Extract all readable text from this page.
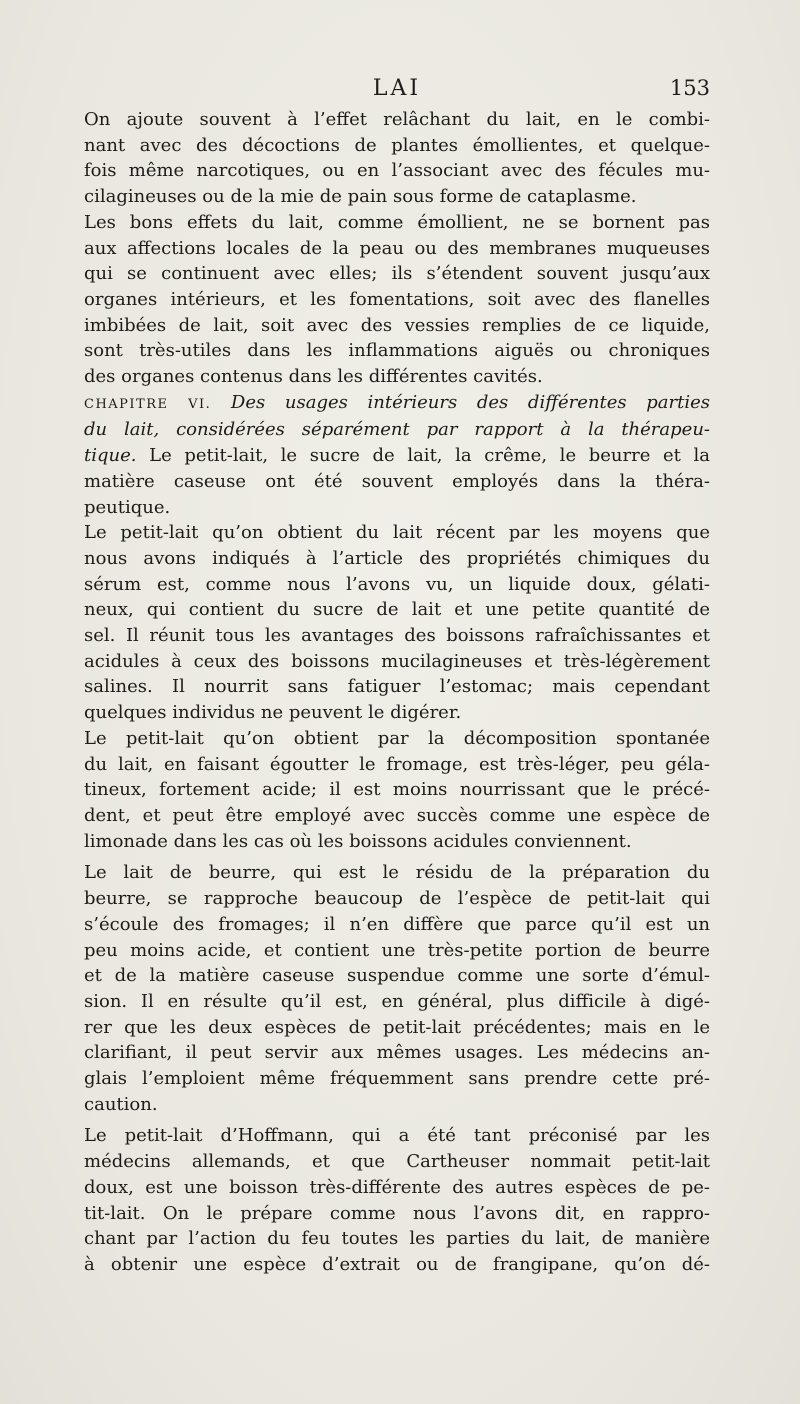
LAI	153
On ajoute souvent à l’effet relâchant du lait, en le combi-
nant avec des décoctions de plantes émollientes, et quelque-
fois même narcotiques, ou en l’associant avec des fécules mu-
cilagineuses ou de la mie de pain sous forme de cataplasme.
Les bons effets du lait, comme émollient, ne se bornent pas
aux affections locales de la peau ou des membranes muqueuses
qui se continuent avec elles; ils s’étendent souvent jusqu’aux
organes intérieurs, et les fomentations, soit avec des flanelles
imbibées de lait, soit avec des vessies remplies de ce liquide,
sont très-utiles dans les inflammations aiguës ou chroniques
des organes contenus dans les différentes cavités.
CHAPITRE VI. Des usages intérieurs des différentes parties
du lait, considérées séparément par rapport à la thérapeu-
tique. Le petit-lait, le sucre de lait, la crême, le beurre et la
matière caseuse ont été souvent employés dans la théra-
peutique.
Le petit-lait qu’on obtient du lait récent par les moyens que
nous avons indiqués à l’article des propriétés chimiques du
sérum est, comme nous l’avons vu, un liquide doux, gélati-
neux, qui contient du sucre de lait et une petite quantité de
sel. Il réunit tous les avantages des boissons rafraîchissantes et
acidules à ceux des boissons mucilagineuses et très-légèrement
salines. Il nourrit sans fatiguer l’estomac; mais cependant
quelques individus ne peuvent le digérer.
Le petit-lait qu’on obtient par la décomposition spontanée
du lait, en faisant égoutter le fromage, est très-léger, peu géla-
tineux, fortement acide; il est moins nourrissant que le précé-
dent, et peut être employé avec succès comme une espèce de
limonade dans les cas où les boissons acidules conviennent.
Le lait de beurre, qui est le résidu de la préparation du
beurre, se rapproche beaucoup de l’espèce de petit-lait qui
s’écoule des fromages; il n’en diffère que parce qu’il est un
peu moins acide, et contient une très-petite portion de beurre
et de la matière caseuse suspendue comme une sorte d’émul-
sion. Il en résulte qu’il est, en général, plus difficile à digé-
rer que les deux espèces de petit-lait précédentes; mais en le
clarifiant, il peut servir aux mêmes usages. Les médecins an-
glais l’emploient même fréquemment sans prendre cette pré-
caution.
Le petit-lait d’Hoffmann, qui a été tant préconisé par les
médecins allemands, et que Cartheuser nommait petit-lait
doux, est une boisson très-différente des autres espèces de pe-
tit-lait. On le prépare comme nous l’avons dit, en rappro-
chant par l’action du feu toutes les parties du lait, de manière
à obtenir une espèce d’extrait ou de frangipane, qu’on dé-
